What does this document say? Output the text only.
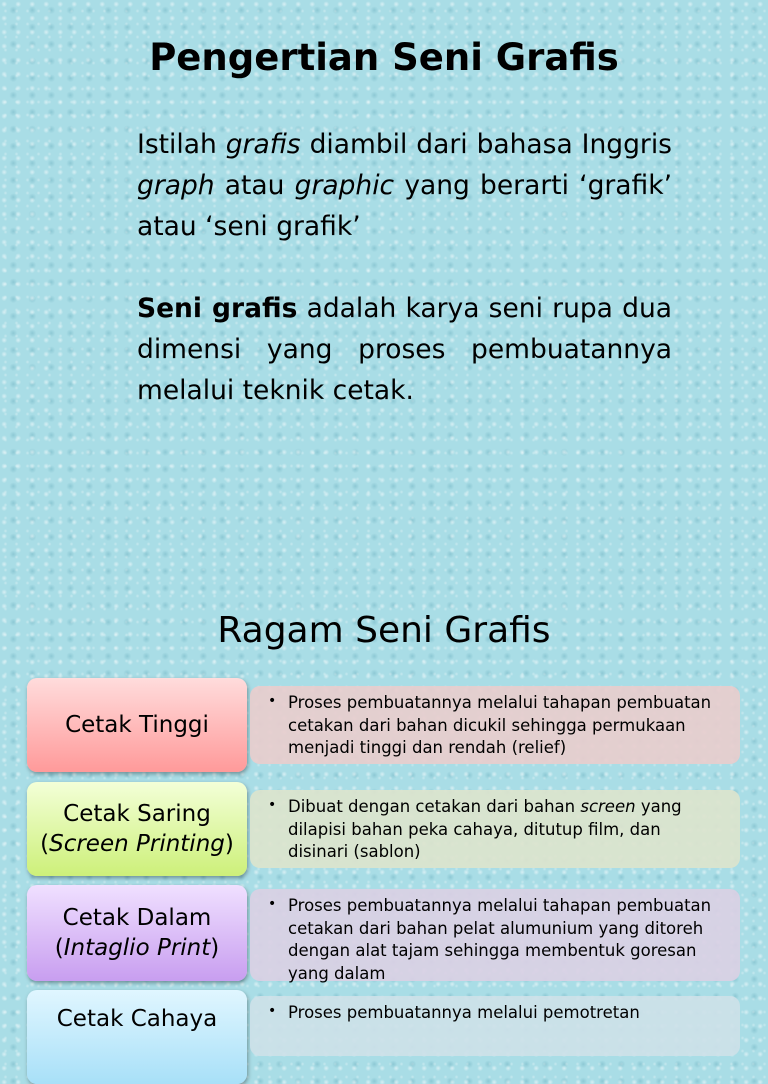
Pengertian Seni Grafis
Istilah grafis diambil dari bahasa Inggris graph atau graphic yang berarti ‘grafik’ atau ‘seni grafik’
Seni grafis adalah karya seni rupa dua dimensi yang proses pembuatannya melalui teknik cetak.
Ragam Seni Grafis
Cetak Tinggi
• Proses pembuatannya melalui tahapan pembuatan cetakan dari bahan dicukil sehingga permukaan menjadi tinggi dan rendah (relief)
Cetak Saring
(Screen Printing)
• Dibuat dengan cetakan dari bahan screen yang dilapisi bahan peka cahaya, ditutup film, dan disinari (sablon)
Cetak Dalam
(Intaglio Print)
• Proses pembuatannya melalui tahapan pembuatan cetakan dari bahan pelat alumunium yang ditoreh dengan alat tajam sehingga membentuk goresan yang dalam
Cetak Cahaya	• Proses pembuatannya melalui pemotretan
